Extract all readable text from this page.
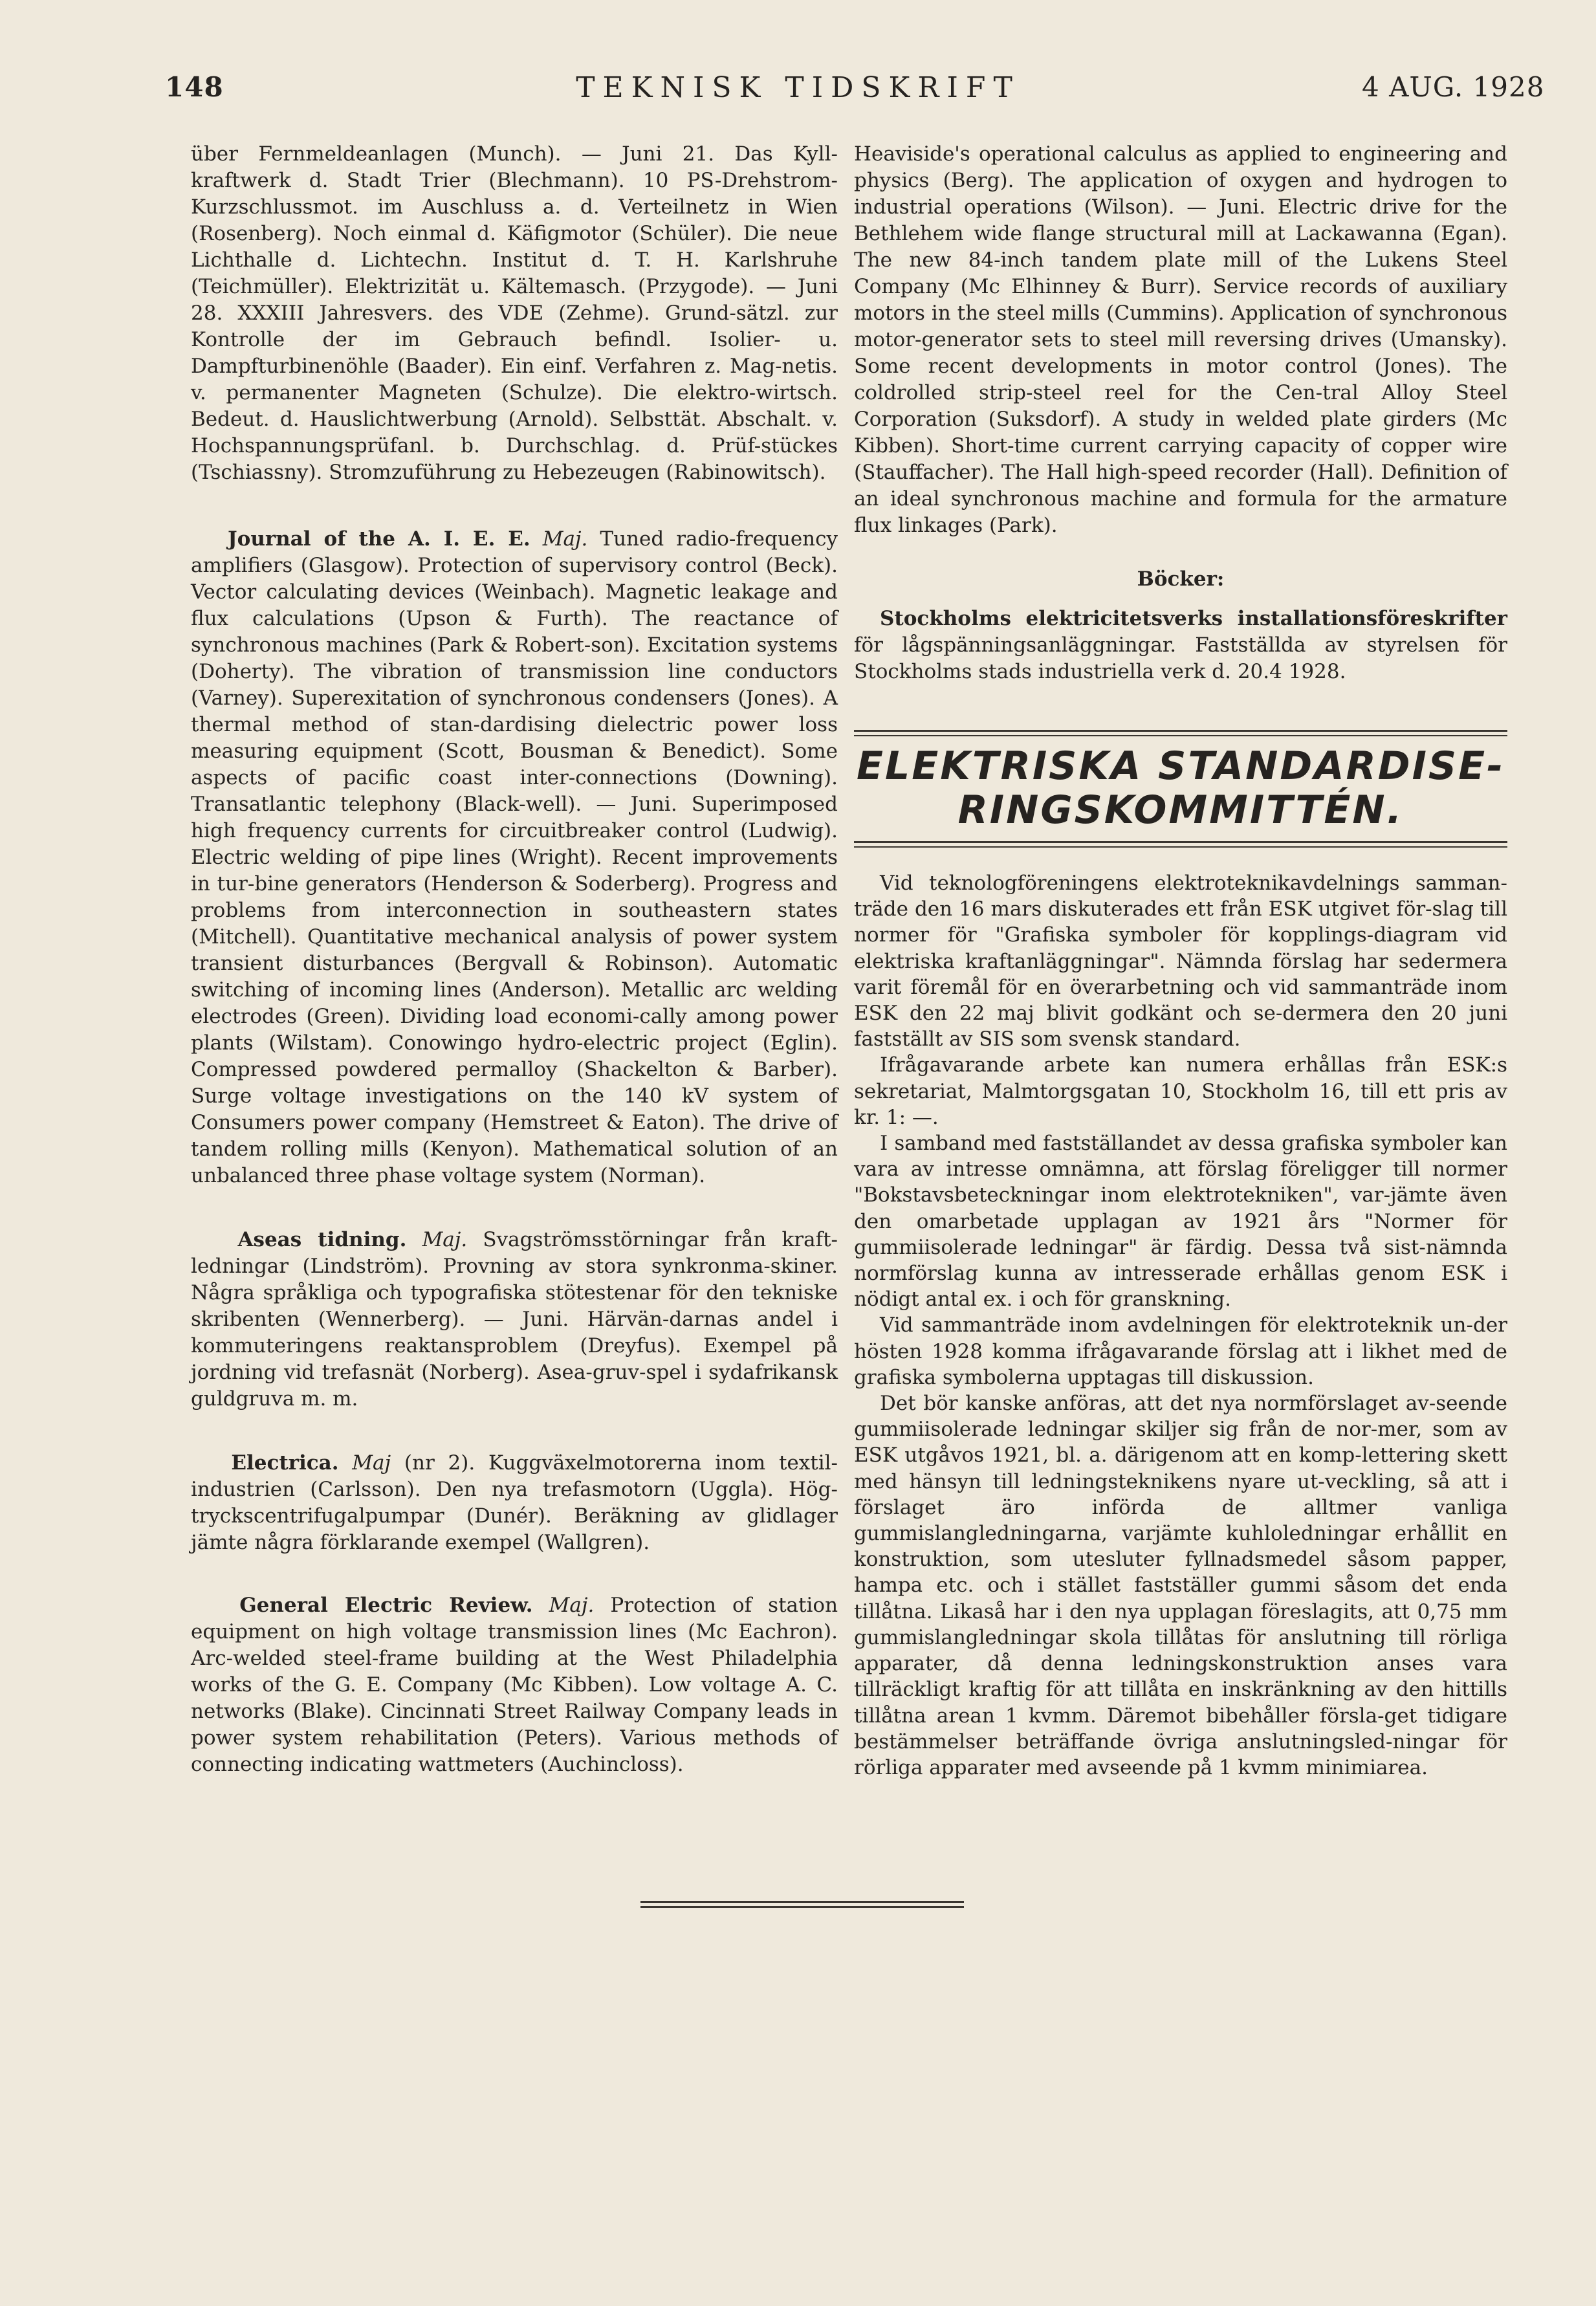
148	TEKNISK TIDSKRIFT	4 AUG. 1928

über Fernmeldeanlagen (Munch). — Juni 21. Das Kyll-kraftwerk d. Stadt Trier (Blechmann). 10 PS-Drehstrom-Kurzschlussmot. im Auschluss a. d. Verteilnetz in Wien (Rosenberg). Noch einmal d. Käfigmotor (Schüler). Die neue Lichthalle d. Lichtechn. Institut d. T. H. Karlshruhe (Teichmüller). Elektrizität u. Kältemasch. (Przygode). — Juni 28. XXXIII Jahresvers. des VDE (Zehme). Grund-sätzl. zur Kontrolle der im Gebrauch befindl. Isolier- u. Dampfturbinenöhle (Baader). Ein einf. Verfahren z. Mag-netis. v. permanenter Magneten (Schulze). Die elektro-wirtsch. Bedeut. d. Hauslichtwerbung (Arnold). Selbsttät. Abschalt. v. Hochspannungsprüfanl. b. Durchschlag. d. Prüf-stückes (Tschiassny). Stromzuführung zu Hebezeugen (Rabinowitsch).

Journal of the A. I. E. E. Maj. Tuned radio-frequency amplifiers (Glasgow). Protection of supervisory control (Beck). Vector calculating devices (Weinbach). Magnetic leakage and flux calculations (Upson & Furth). The reactance of synchronous machines (Park & Robert-son). Excitation systems (Doherty). The vibration of transmission line conductors (Varney). Superexitation of synchronous condensers (Jones). A thermal method of stan-dardising dielectric power loss measuring equipment (Scott, Bousman & Benedict). Some aspects of pacific coast inter-connections (Downing). Transatlantic telephony (Black-well). — Juni. Superimposed high frequency currents for circuitbreaker control (Ludwig). Electric welding of pipe lines (Wright). Recent improvements in tur-bine generators (Henderson & Soderberg). Progress and problems from interconnection in southeastern states (Mitchell). Quantitative mechanical analysis of power system transient disturbances (Bergvall & Robinson). Automatic switching of incoming lines (Anderson). Metallic arc welding electrodes (Green). Dividing load economi-cally among power plants (Wilstam). Conowingo hydro-electric project (Eglin). Compressed powdered permalloy (Shackelton & Barber). Surge voltage investigations on the 140 kV system of Consumers power company (Hemstreet & Eaton). The drive of tandem rolling mills (Kenyon). Mathematical solution of an unbalanced three phase voltage system (Norman).

Aseas tidning. Maj. Svagströmsstörningar från kraft-ledningar (Lindström). Provning av stora synkronma-skiner. Några språkliga och typografiska stötestenar för den tekniske skribenten (Wennerberg). — Juni. Härvän-darnas andel i kommuteringens reaktansproblem (Dreyfus). Exempel på jordning vid trefasnät (Norberg). Asea-gruv-spel i sydafrikansk guldgruva m. m.

Electrica. Maj (nr 2). Kuggväxelmotorerna inom textil-industrien (Carlsson). Den nya trefasmotorn (Uggla). Hög-tryckscentrifugalpumpar (Dunér). Beräkning av glidlager jämte några förklarande exempel (Wallgren).

General Electric Review. Maj. Protection of station equipment on high voltage transmission lines (Mc Eachron). Arc-welded steel-frame building at the West Philadelphia works of the G. E. Company (Mc Kibben). Low voltage A. C. networks (Blake). Cincinnati Street Railway Company leads in power system rehabilitation (Peters). Various methods of connecting indicating wattmeters (Auchincloss).

Heaviside's operational calculus as applied to engineering and physics (Berg). The application of oxygen and hydrogen to industrial operations (Wilson). — Juni. Electric drive for the Bethlehem wide flange structural mill at Lackawanna (Egan). The new 84-inch tandem plate mill of the Lukens Steel Company (Mc Elhinney & Burr). Service records of auxiliary motors in the steel mills (Cummins). Application of synchronous motor-generator sets to steel mill reversing drives (Umansky). Some recent developments in motor control (Jones). The coldrolled strip-steel reel for the Cen-tral Alloy Steel Corporation (Suksdorf). A study in welded plate girders (Mc Kibben). Short-time current carrying capacity of copper wire (Stauffacher). The Hall high-speed recorder (Hall). Definition of an ideal synchronous machine and formula for the armature flux linkages (Park).

Böcker:

Stockholms elektricitetsverks installationsföreskrifter för lågspänningsanläggningar. Fastställda av styrelsen för Stockholms stads industriella verk d. 20.4 1928.

ELEKTRISKA STANDARDISE-
RINGSKOMMITTÉN.

Vid teknologföreningens elektroteknikavdelnings samman-träde den 16 mars diskuterades ett från ESK utgivet för-slag till normer för "Grafiska symboler för kopplings-diagram vid elektriska kraftanläggningar". Nämnda förslag har sedermera varit föremål för en överarbetning och vid sammanträde inom ESK den 22 maj blivit godkänt och se-dermera den 20 juni fastställt av SIS som svensk standard.

Ifrågavarande arbete kan numera erhållas från ESK:s sekretariat, Malmtorgsgatan 10, Stockholm 16, till ett pris av kr. 1: —.

I samband med fastställandet av dessa grafiska symboler kan vara av intresse omnämna, att förslag föreligger till normer "Bokstavsbeteckningar inom elektrotekniken", var-jämte även den omarbetade upplagan av 1921 års "Normer för gummiisolerade ledningar" är färdig. Dessa två sist-nämnda normförslag kunna av intresserade erhållas genom ESK i nödigt antal ex. i och för granskning.

Vid sammanträde inom avdelningen för elektroteknik un-der hösten 1928 komma ifrågavarande förslag att i likhet med de grafiska symbolerna upptagas till diskussion.

Det bör kanske anföras, att det nya normförslaget av-seende gummiisolerade ledningar skiljer sig från de nor-mer, som av ESK utgåvos 1921, bl. a. därigenom att en komp-lettering skett med hänsyn till ledningsteknikens nyare ut-veckling, så att i förslaget äro införda de alltmer vanliga gummislangledningarna, varjämte kuhloledningar erhållit en konstruktion, som utesluter fyllnadsmedel såsom papper, hampa etc. och i stället fastställer gummi såsom det enda tillåtna. Likaså har i den nya upplagan föreslagits, att 0,75 mm gummislangledningar skola tillåtas för anslutning till rörliga apparater, då denna ledningskonstruktion anses vara tillräckligt kraftig för att tillåta en inskränkning av den hittills tillåtna arean 1 kvmm. Däremot bibehåller försla-get tidigare bestämmelser beträffande övriga anslutningsled-ningar för rörliga apparater med avseende på 1 kvmm minimiarea.
